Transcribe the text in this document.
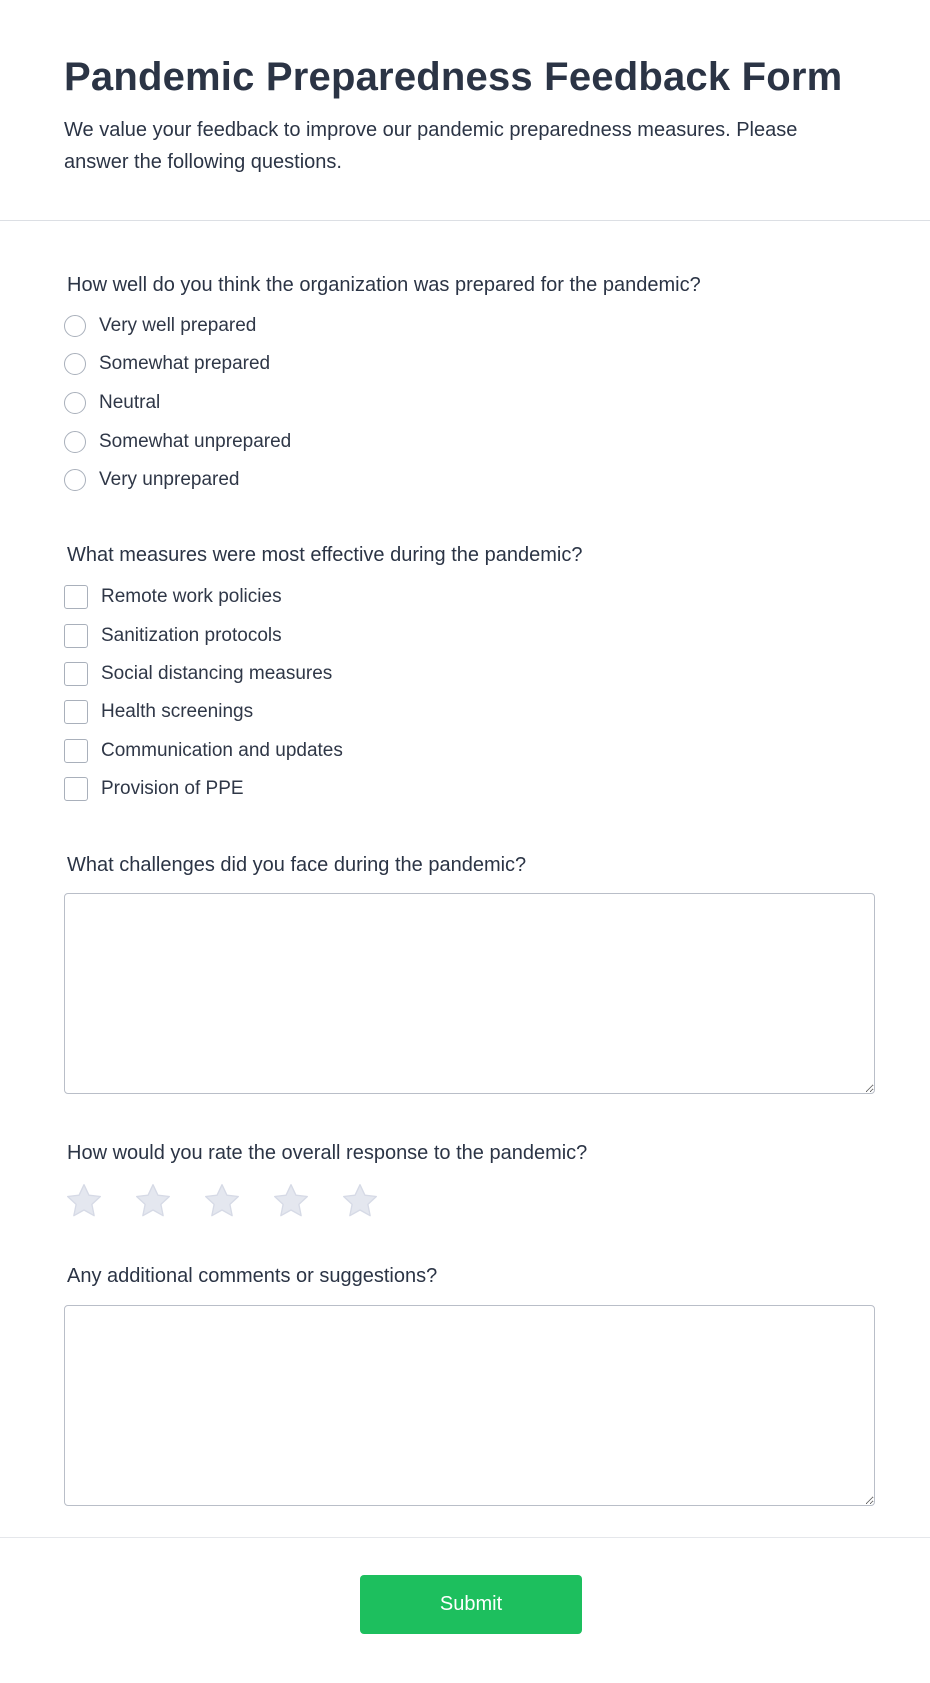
Pandemic Preparedness Feedback Form

We value your feedback to improve our pandemic preparedness measures. Please answer the following questions.

How well do you think the organization was prepared for the pandemic?
Very well prepared
Somewhat prepared
Neutral
Somewhat unprepared
Very unprepared
What measures were most effective during the pandemic?
Remote work policies
Sanitization protocols
Social distancing measures
Health screenings
Communication and updates
Provision of PPE
What challenges did you face during the pandemic?
How would you rate the overall response to the pandemic?
Any additional comments or suggestions?
Submit
